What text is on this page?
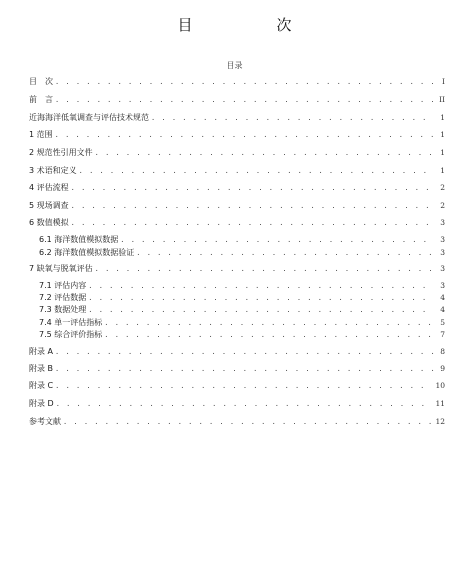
目　　次
目录
目　次 . . .	I
前　言 . . .	II
近海海洋低氧调查与评估技术规范 . . .	1
1 范围 . . .	1
2 规范性引用文件 . . .	1
3 术语和定义 . . .	1
4 评估流程 . . .	2
5 现场调查 . . .	2
6 数值模拟 . . .	3
6.1 海洋数值模拟数据 . . .	3
6.2 海洋数值模拟数据验证 . . .	3
7 缺氧与脱氧评估 . . .	3
7.1 评估内容 . . .	3
7.2 评估数据 . . .	4
7.3 数据处理 . . .	4
7.4 单一评估指标 . . .	5
7.5 综合评价指标 . . .	7
附录 A . . .	8
附录 B . . .	9
附录 C . . .	10
附录 D . . .	11
参考文献 . . .	12
